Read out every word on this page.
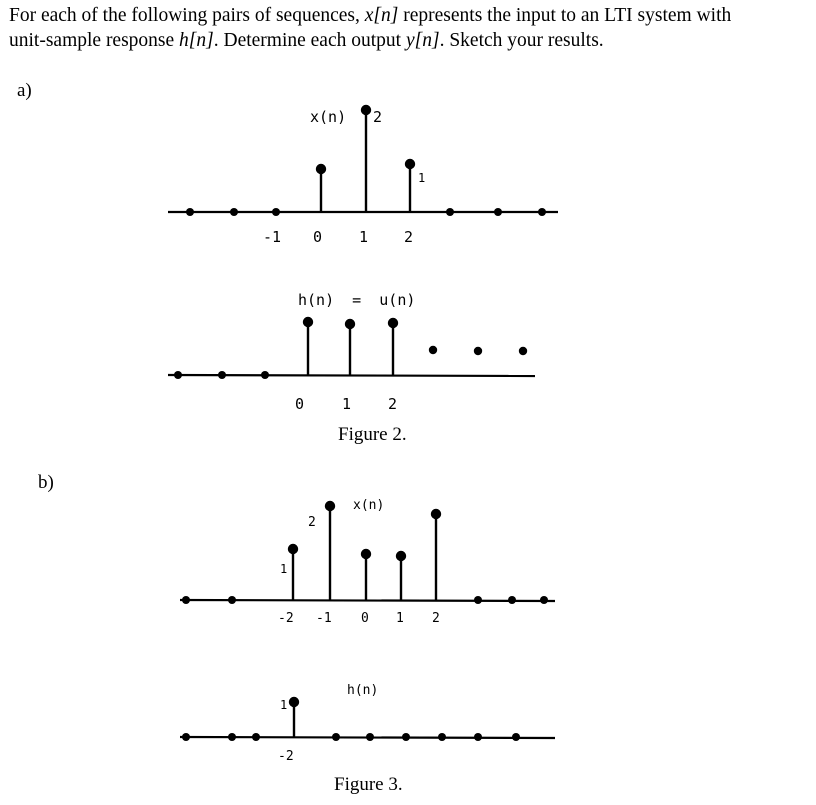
For each of the following pairs of sequences, x[n] represents the input to an LTI system with
unit-sample response h[n]. Determine each output y[n]. Sketch your results.
a)
b)
x(n) 2
1
-1 0 1 2
h(n)  =  u(n)
0	1 2
Figure 2.
x(n)
1
2
-2 -1 0 1 2
h(n)
1
-2
Figure 3.
